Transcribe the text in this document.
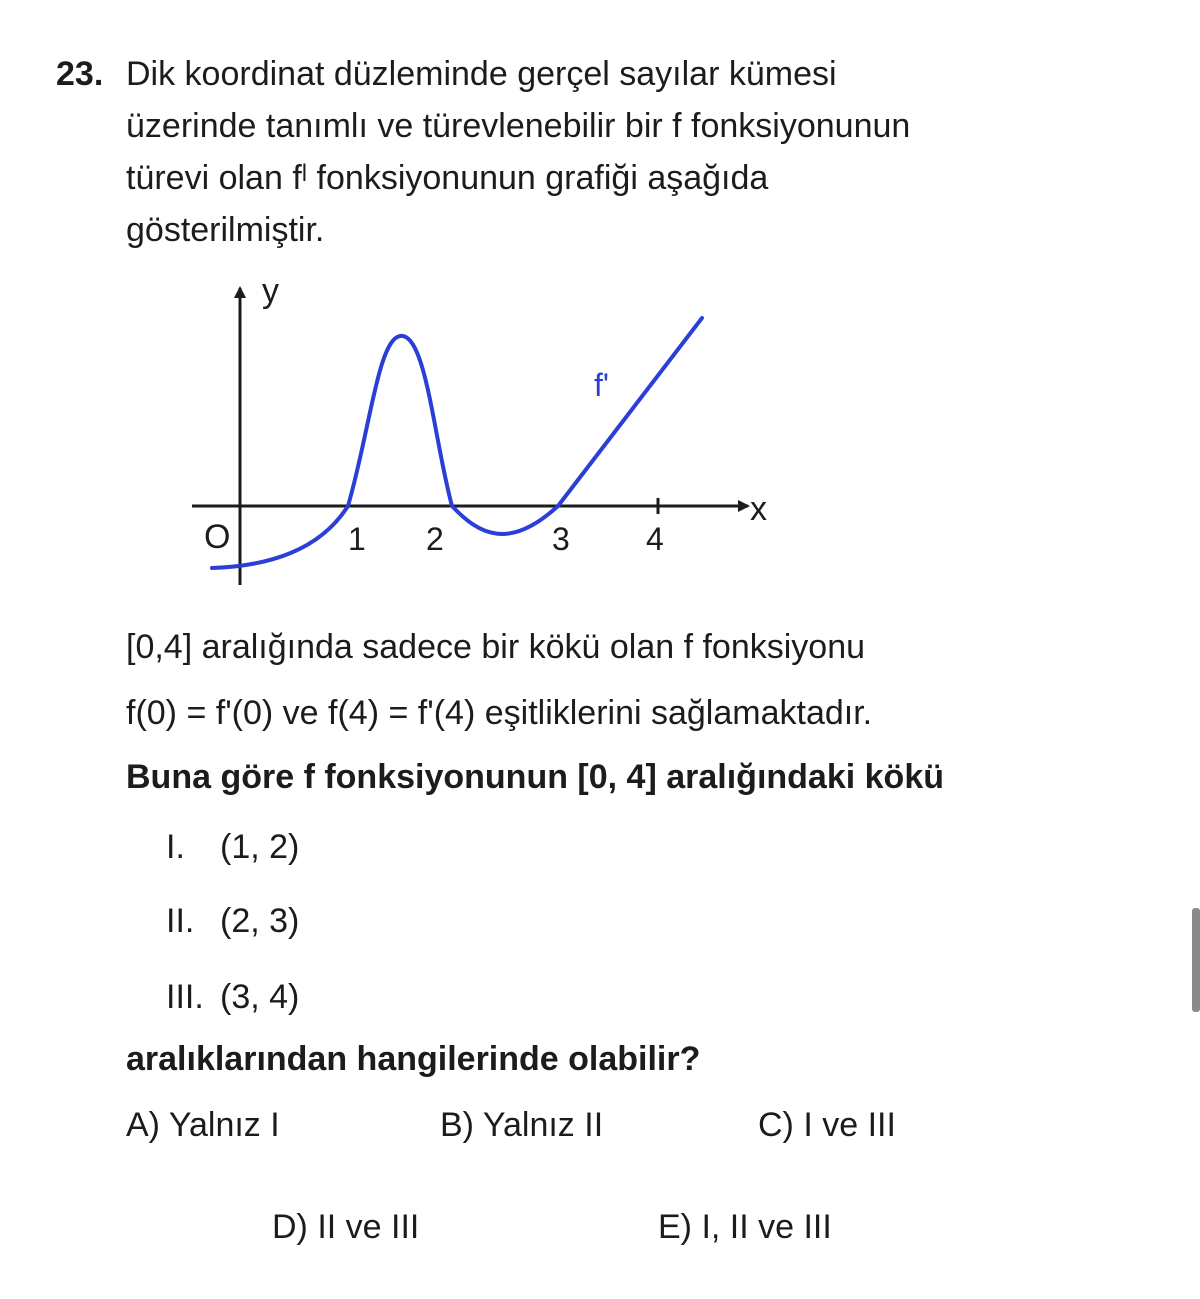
23. Dik koordinat düzleminde gerçel sayılar kümesi
üzerinde tanımlı ve türevlenebilir bir f fonksiyonunun
türevi olan fˡ fonksiyonunun grafiği aşağıda
gösterilmiştir.
y
x
O	1 2	3 4
f'
[0,4] aralığında sadece bir kökü olan f fonksiyonu
f(0) = f'(0) ve f(4) = f'(4) eşitliklerini sağlamaktadır.
Buna göre f fonksiyonunun [0, 4] aralığındaki kökü
I. (1, 2)
II. (2, 3)
III. (3, 4)
aralıklarından hangilerinde olabilir?
A) Yalnız I	B) Yalnız II	C) I ve III
D) II ve III	E) I, II ve III
